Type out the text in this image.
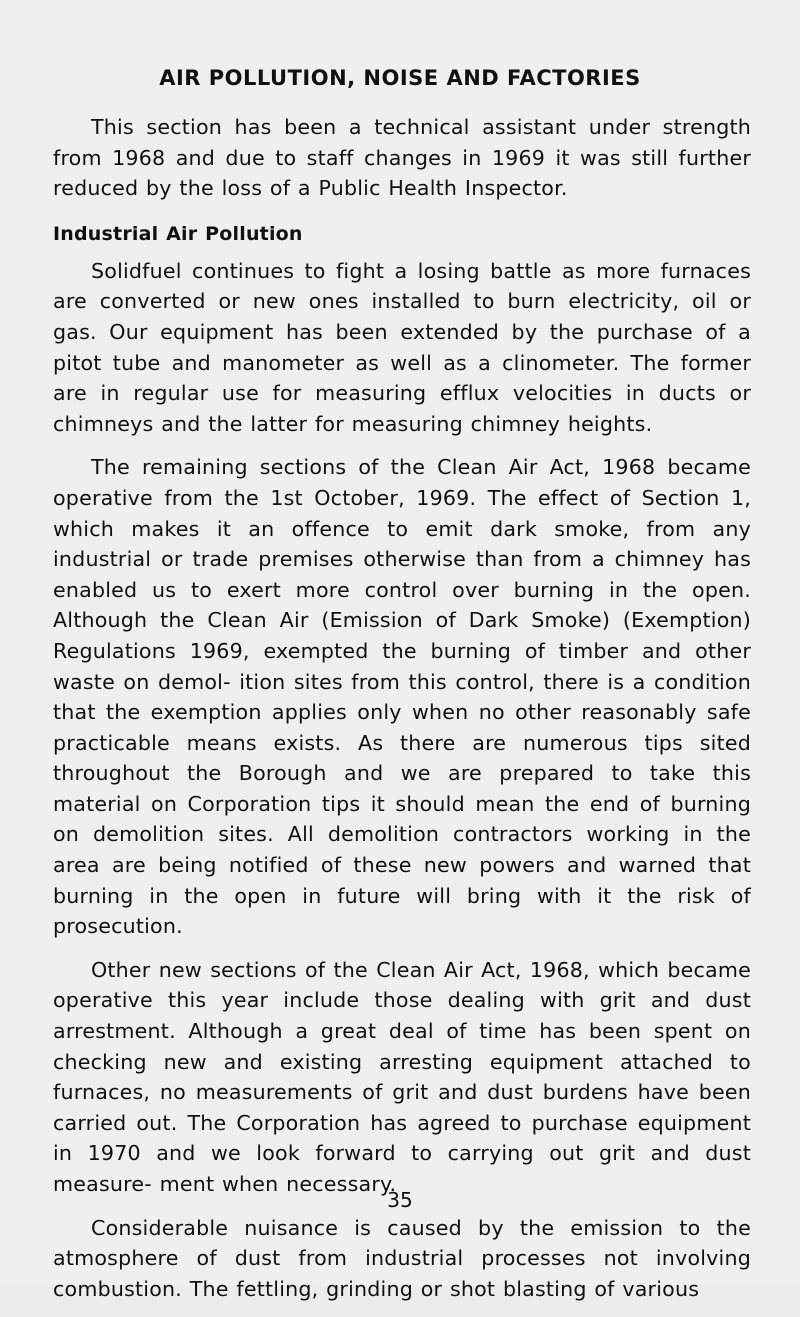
AIR POLLUTION, NOISE AND FACTORIES

This section has been a technical assistant under strength from 1968 and due to staff changes in 1969 it was still further reduced by the loss of a Public Health Inspector.

Industrial Air Pollution

Solidfuel continues to fight a losing battle as more furnaces are converted or new ones installed to burn electricity, oil or gas. Our equipment has been extended by the purchase of a pitot tube and manometer as well as a clinometer. The former are in regular use for measuring efflux velocities in ducts or chimneys and the latter for measuring chimney heights.

The remaining sections of the Clean Air Act, 1968 became operative from the 1st October, 1969. The effect of Section 1, which makes it an offence to emit dark smoke, from any industrial or trade premises otherwise than from a chimney has enabled us to exert more control over burning in the open. Although the Clean Air (Emission of Dark Smoke) (Exemption) Regulations 1969, exempted the burning of timber and other waste on demol- ition sites from this control, there is a condition that the exemption applies only when no other reasonably safe practicable means exists. As there are numerous tips sited throughout the Borough and we are prepared to take this material on Corporation tips it should mean the end of burning on demolition sites. All demolition contractors working in the area are being notified of these new powers and warned that burning in the open in future will bring with it the risk of prosecution.

Other new sections of the Clean Air Act, 1968, which became operative this year include those dealing with grit and dust arrestment. Although a great deal of time has been spent on checking new and existing arresting equipment attached to furnaces, no measurements of grit and dust burdens have been carried out. The Corporation has agreed to purchase equipment in 1970 and we look forward to carrying out grit and dust measure- ment when necessary.

Considerable nuisance is caused by the emission to the atmosphere of dust from industrial processes not involving combustion. The fettling, grinding or shot blasting of various

35
